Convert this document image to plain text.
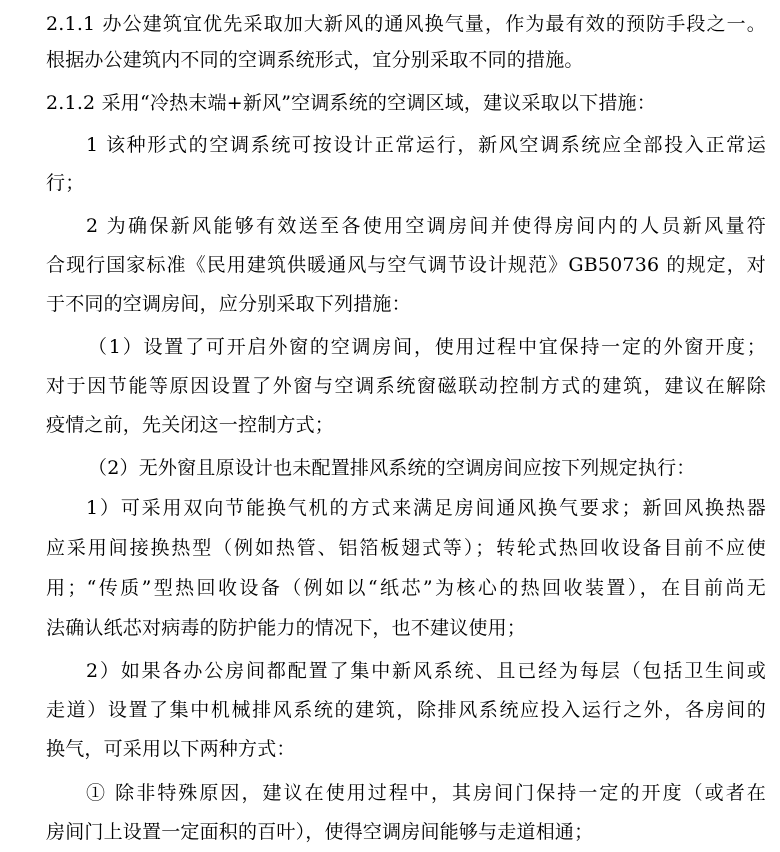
2.1.1 办公建筑宜优先采取加大新风的通风换气量，作为最有效的预防手段之一。
根据办公建筑内不同的空调系统形式，宜分别采取不同的措施。
2.1.2 采用“冷热末端+新风”空调系统的空调区域，建议采取以下措施：
1 该种形式的空调系统可按设计正常运行，新风空调系统应全部投入正常运
行；
2 为确保新风能够有效送至各使用空调房间并使得房间内的人员新风量符
合现行国家标准《民用建筑供暖通风与空气调节设计规范》GB50736 的规定，对
于不同的空调房间，应分别采取下列措施：
（1）设置了可开启外窗的空调房间，使用过程中宜保持一定的外窗开度；
对于因节能等原因设置了外窗与空调系统窗磁联动控制方式的建筑，建议在解除
疫情之前，先关闭这一控制方式；
（2）无外窗且原设计也未配置排风系统的空调房间应按下列规定执行：
1）可采用双向节能换气机的方式来满足房间通风换气要求；新回风换热器
应采用间接换热型（例如热管、铝箔板翅式等）；转轮式热回收设备目前不应使
用；“传质”型热回收设备（例如以“纸芯”为核心的热回收装置），在目前尚无
法确认纸芯对病毒的防护能力的情况下，也不建议使用；
2）如果各办公房间都配置了集中新风系统、且已经为每层（包括卫生间或
走道）设置了集中机械排风系统的建筑，除排风系统应投入运行之外，各房间的
换气，可采用以下两种方式：
① 除非特殊原因，建议在使用过程中，其房间门保持一定的开度（或者在
房间门上设置一定面积的百叶），使得空调房间能够与走道相通；
